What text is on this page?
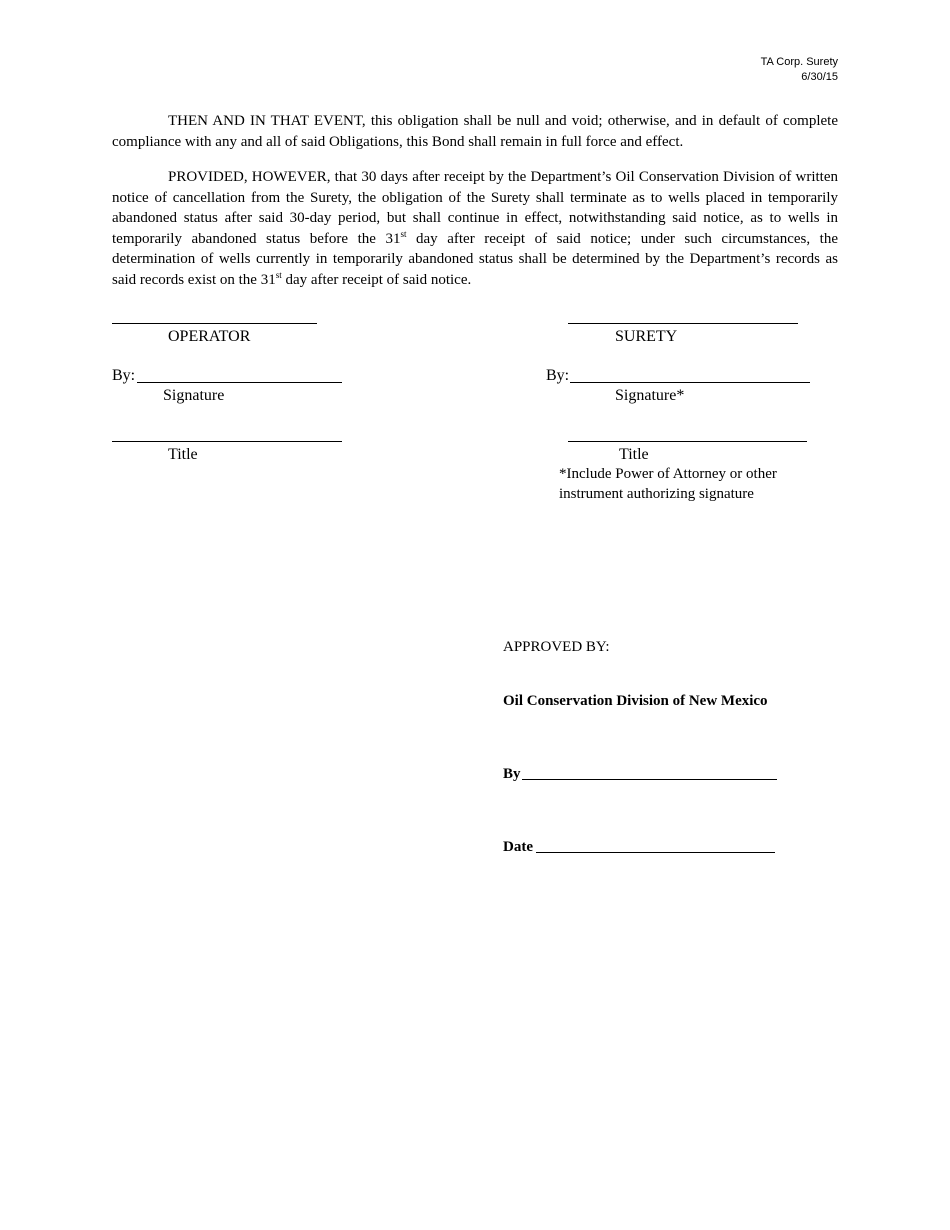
TA Corp. Surety
6/30/15
THEN AND IN THAT EVENT, this obligation shall be null and void; otherwise, and in default of complete compliance with any and all of said Obligations, this Bond shall remain in full force and effect.
PROVIDED, HOWEVER, that 30 days after receipt by the Department’s Oil Conservation Division of written notice of cancellation from the Surety, the obligation of the Surety shall terminate as to wells placed in temporarily abandoned status after said 30-day period, but shall continue in effect, notwithstanding said notice, as to wells in temporarily abandoned status before the 31st day after receipt of said notice; under such circumstances, the determination of wells currently in temporarily abandoned status shall be determined by the Department’s records as said records exist on the 31st day after receipt of said notice.
OPERATOR
By:
Signature
Title
SURETY
By:
Signature*
Title
*Include Power of Attorney or other instrument authorizing signature
APPROVED BY:
Oil Conservation Division of New Mexico
By
Date
